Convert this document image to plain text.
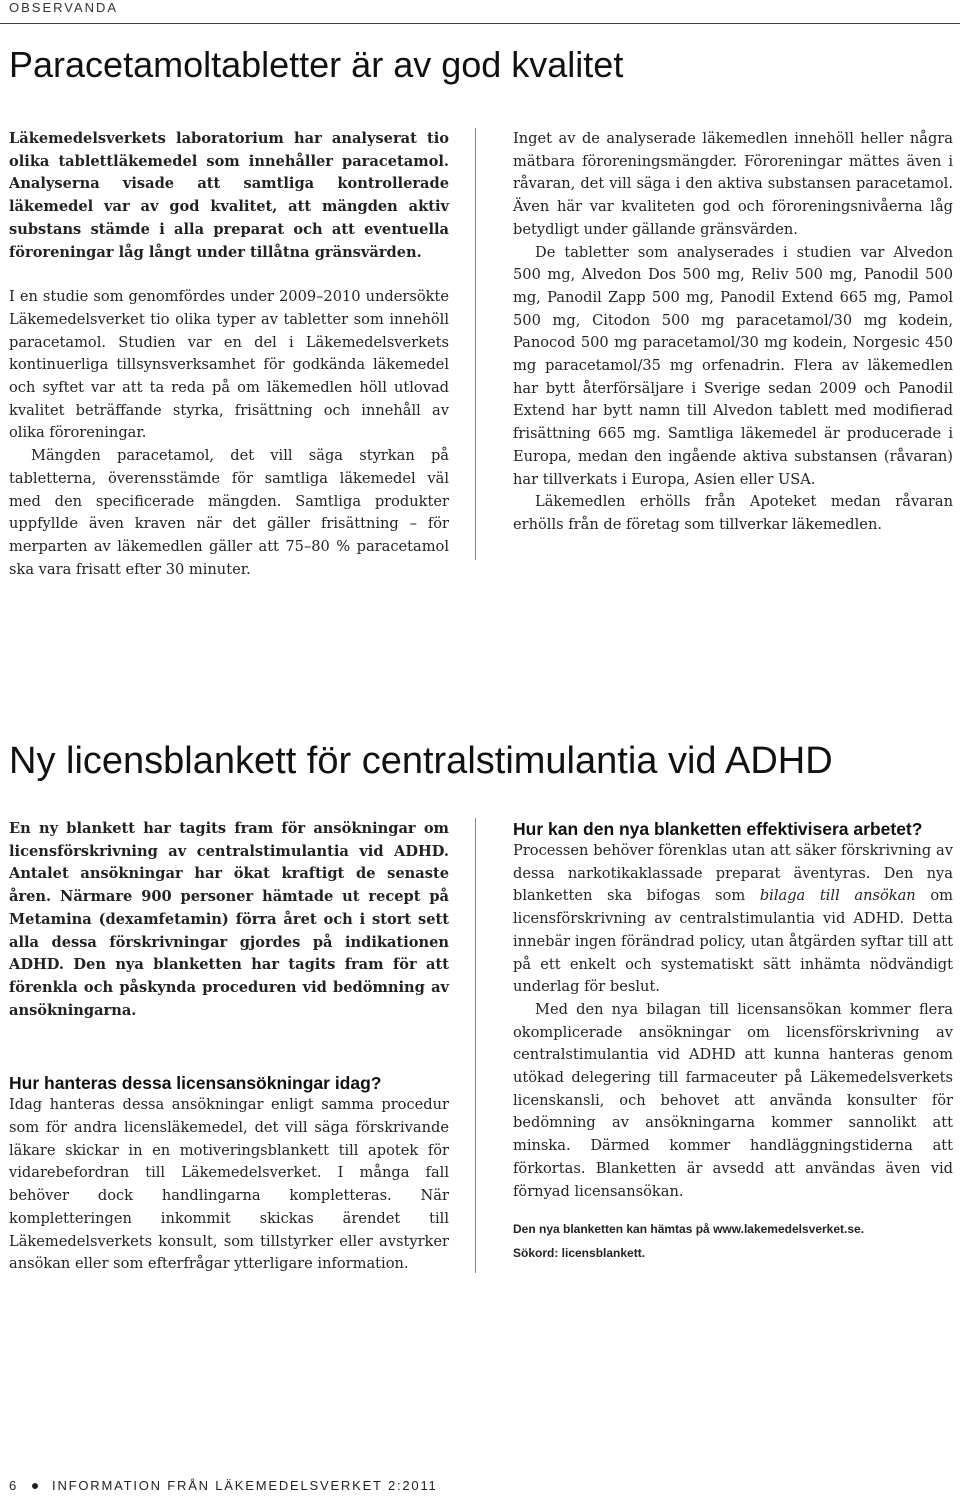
OBSERVANDA
Paracetamoltabletter är av god kvalitet

Läkemedelsverkets laboratorium har analyserat tio olika tablettläkemedel som innehåller paracetamol. Analyserna visade att samtliga kontrollerade läkemedel var av god kvalitet, att mängden aktiv substans stämde i alla preparat och att eventuella föroreningar låg långt under tillåtna gränsvärden.

I en studie som genomfördes under 2009–2010 undersökte Läkemedelsverket tio olika typer av tabletter som innehöll paracetamol. Studien var en del i Läkemedelsverkets kontinuerliga tillsynsverksamhet för godkända läkemedel och syftet var att ta reda på om läkemedlen höll utlovad kvalitet beträffande styrka, frisättning och innehåll av olika föroreningar.

Mängden paracetamol, det vill säga styrkan på tabletterna, överensstämde för samtliga läkemedel väl med den specificerade mängden. Samtliga produkter uppfyllde även kraven när det gäller frisättning – för merparten av läkemedlen gäller att 75–80 % paracetamol ska vara frisatt efter 30 minuter.

Inget av de analyserade läkemedlen innehöll heller några mätbara föroreningsmängder. Föroreningar mättes även i råvaran, det vill säga i den aktiva substansen paracetamol. Även här var kvaliteten god och föroreningsnivåerna låg betydligt under gällande gränsvärden.

De tabletter som analyserades i studien var Alvedon 500 mg, Alvedon Dos 500 mg, Reliv 500 mg, Panodil 500 mg, Panodil Zapp 500 mg, Panodil Extend 665 mg, Pamol 500 mg, Citodon 500 mg paracetamol/30 mg kodein, Panocod 500 mg paracetamol/30 mg kodein, Norgesic 450 mg paracetamol/35 mg orfenadrin. Flera av läkemedlen har bytt återförsäljare i Sverige sedan 2009 och Panodil Extend har bytt namn till Alvedon tablett med modifierad frisättning 665 mg. Samtliga läkemedel är producerade i Europa, medan den ingående aktiva substansen (råvaran) har tillverkats i Europa, Asien eller USA.

Läkemedlen erhölls från Apoteket medan råvaran erhölls från de företag som tillverkar läkemedlen.

Ny licensblankett för centralstimulantia vid ADHD

En ny blankett har tagits fram för ansökningar om licensförskrivning av centralstimulantia vid ADHD. Antalet ansökningar har ökat kraftigt de senaste åren. Närmare 900 personer hämtade ut recept på Metamina (dexamfetamin) förra året och i stort sett alla dessa förskrivningar gjordes på indikationen ADHD. Den nya blanketten har tagits fram för att förenkla och påskynda proceduren vid bedömning av ansökningarna.

Hur hanteras dessa licensansökningar idag?

Idag hanteras dessa ansökningar enligt samma procedur som för andra licensläkemedel, det vill säga förskrivande läkare skickar in en motiveringsblankett till apotek för vidarebefordran till Läkemedelsverket. I många fall behöver dock handlingarna kompletteras. När kompletteringen inkommit skickas ärendet till Läkemedelsverkets konsult, som tillstyrker eller avstyrker ansökan eller som efterfrågar ytterligare information.

Hur kan den nya blanketten effektivisera arbetet?

Processen behöver förenklas utan att säker förskrivning av dessa narkotikaklassade preparat äventyras. Den nya blanketten ska bifogas som bilaga till ansökan om licensförskrivning av centralstimulantia vid ADHD. Detta innebär ingen förändrad policy, utan åtgärden syftar till att på ett enkelt och systematiskt sätt inhämta nödvändigt underlag för beslut.

Med den nya bilagan till licensansökan kommer flera okomplicerade ansökningar om licensförskrivning av centralstimulantia vid ADHD att kunna hanteras genom utökad delegering till farmaceuter på Läkemedelsverkets licenskansli, och behovet att använda konsulter för bedömning av ansökningarna kommer sannolikt att minska. Därmed kommer handläggningstiderna att förkortas. Blanketten är avsedd att användas även vid förnyad licensansökan.

Den nya blanketten kan hämtas på www.lakemedelsverket.se.
Sökord: licensblankett.
6	INFORMATION FRÅN LÄKEMEDELSVERKET 2:2011
